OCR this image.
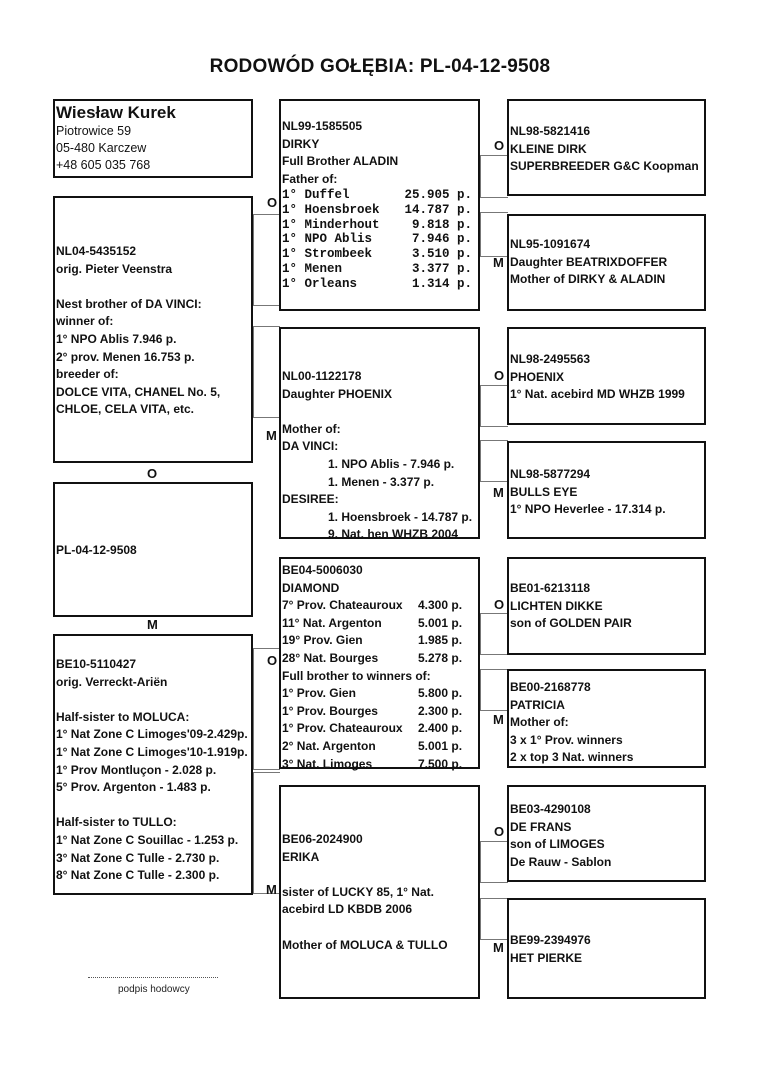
RODOWÓD GOŁĘBIA: PL-04-12-9508
Wiesław Kurek
Piotrowice 59
05-480 Karczew
+48 605 035 768
NL04-5435152
orig. Pieter Veenstra

Nest brother of DA VINCI:
winner of:
1° NPO Ablis 7.946 p.
2° prov. Menen 16.753 p.
breeder of:
DOLCE VITA, CHANEL No. 5,
CHLOE, CELA VITA, etc.
O
PL-04-12-9508
M
BE10-5110427
orig. Verreckt-Ariën

Half-sister to MOLUCA:
1° Nat Zone C Limoges'09-2.429p.
1° Nat Zone C Limoges'10-1.919p.
1° Prov Montluçon - 2.028 p.
5° Prov. Argenton - 1.483 p.

Half-sister to TULLO:
1° Nat Zone C Souillac - 1.253 p.
3° Nat Zone C Tulle - 2.730 p.
8° Nat Zone C Tulle - 2.300 p.
O
M
O
M
NL99-1585505
DIRKY
Full Brother ALADIN
Father of:
1° Duffel	25.905 p.
1° Hoensbroek	14.787 p.
1° Minderhout	9.818 p.
1° NPO Ablis	7.946 p.
1° Strombeek	3.510 p.
1° Menen	3.377 p.
1° Orleans	1.314 p.
NL00-1122178
Daughter PHOENIX

Mother of:
DA VINCI:
1. NPO Ablis - 7.946 p.
1. Menen - 3.377 p.
DESIREE:
1. Hoensbroek - 14.787 p.
9. Nat. hen WHZB 2004
BE04-5006030
DIAMOND
7° Prov. Chateauroux	4.300 p.
11° Nat. Argenton	5.001 p.
19° Prov. Gien	1.985 p.
28° Nat. Bourges	5.278 p.
Full brother to winners of:
1° Prov. Gien	5.800 p.
1° Prov. Bourges	2.300 p.
1° Prov. Chateauroux	2.400 p.
2° Nat. Argenton	5.001 p.
3° Nat. Limoges	7.500 p.
BE06-2024900
ERIKA

sister of LUCKY 85, 1° Nat.
acebird LD KBDB 2006

Mother of MOLUCA & TULLO
O
M
O
M
O
M
O
M
NL98-5821416
KLEINE DIRK
SUPERBREEDER G&C Koopman
NL95-1091674
Daughter BEATRIXDOFFER
Mother of DIRKY & ALADIN
NL98-2495563
PHOENIX
1° Nat. acebird MD WHZB 1999
NL98-5877294
BULLS EYE
1° NPO Heverlee - 17.314 p.
BE01-6213118
LICHTEN DIKKE
son of GOLDEN PAIR
BE00-2168778
PATRICIA
Mother of:
3 x 1° Prov. winners
2 x top 3 Nat. winners
BE03-4290108
DE FRANS
son of LIMOGES
De Rauw - Sablon
BE99-2394976
HET PIERKE
podpis hodowcy
